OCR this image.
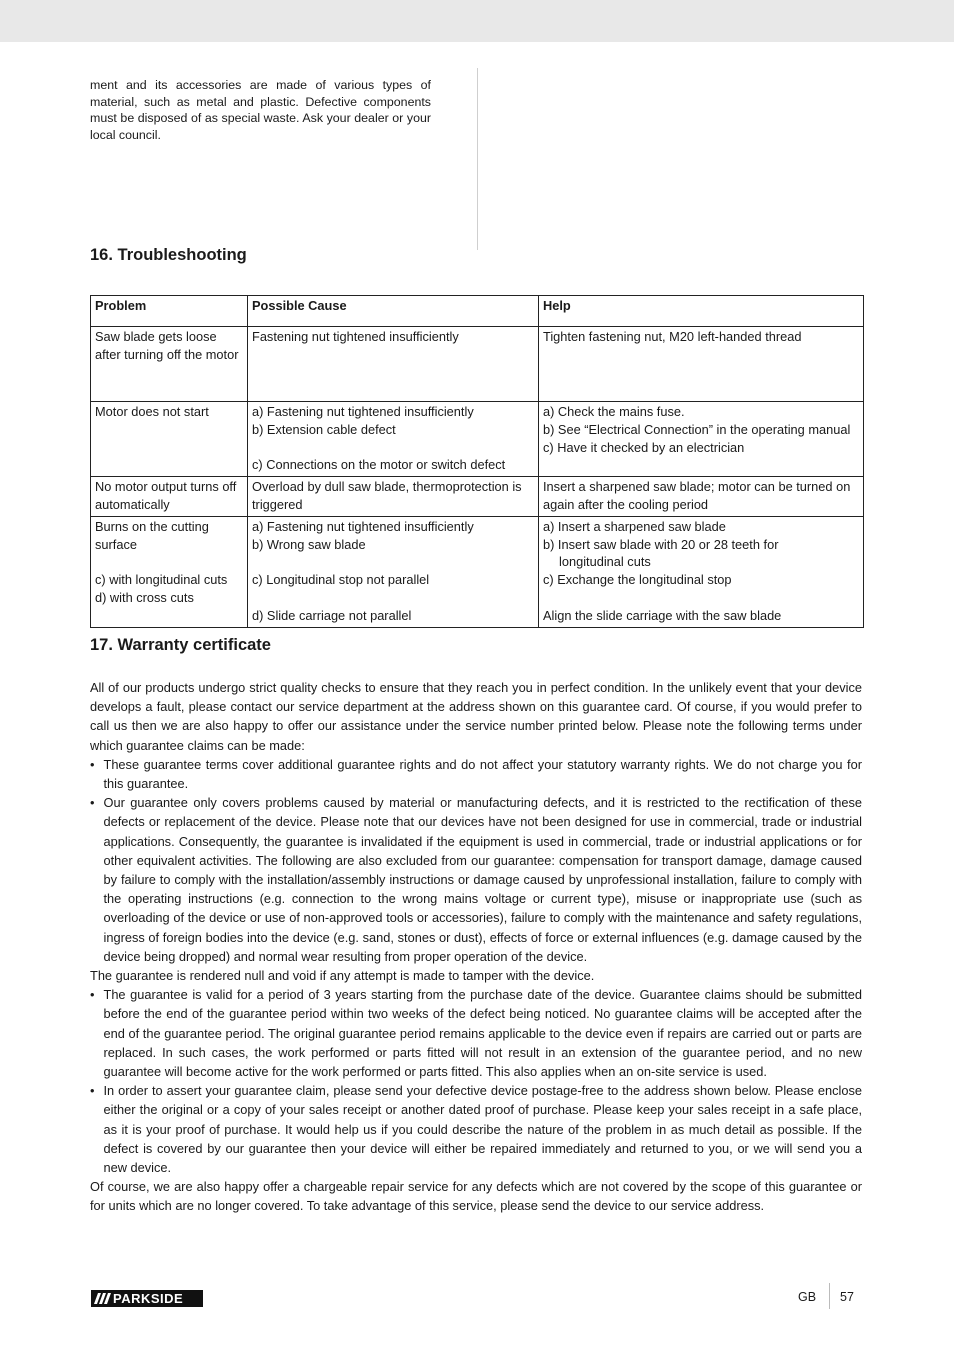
ment and its accessories are made of various types of material, such as metal and plastic. Defective components must be disposed of as special waste. Ask your dealer or your local council.

16. Troubleshooting
Problem	Possible Cause	Help

Saw blade gets loose after turning off the motor	Fastening nut tightened insufficiently	Tighten fastening nut, M20 left-handed thread

Motor does not start	a) Fastening nut tightened insufficiently
b) Extension cable defect
c) Connections on the motor or switch defect	a) Check the mains fuse.
b) See “Electrical Connection” in the operating manual
c) Have it checked by an electrician

No motor output turns off automatically	Overload by dull saw blade, thermoprotection is triggered	Insert a sharpened saw blade; motor can be turned on again after the cooling period

Burns on the cutting surface
c) with longitudinal cuts
d) with cross cuts	a) Fastening nut tightened insufficiently
b) Wrong saw blade
c) Longitudinal stop not parallel
d) Slide carriage not parallel	a) Insert a sharpened saw blade
b) Insert saw blade with 20 or 28 teeth for
longitudinal cuts
c) Exchange the longitudinal stop
Align the slide carriage with the saw blade
17. Warranty certificate

All of our products undergo strict quality checks to ensure that they reach you in perfect condition. In the unlikely event that your device develops a fault, please contact our service department at the address shown on this guarantee card. Of course, if you would prefer to call us then we are also happy to offer our assistance under the service number printed below. Please note the following terms under which guarantee claims can be made:

• These guarantee terms cover additional guarantee rights and do not affect your statutory warranty rights. We do not charge you for this guarantee.
• Our guarantee only covers problems caused by material or manufacturing defects, and it is restricted to the rectification of these defects or replacement of the device. Please note that our devices have not been designed for use in commercial, trade or industrial applications. Consequently, the guarantee is invalidated if the equipment is used in commercial, trade or industrial applications or for other equivalent activities. The following are also excluded from our guarantee: compensation for transport damage, damage caused by failure to comply with the installation/assembly instructions or damage caused by unprofessional installation, failure to comply with the operating instructions (e.g. connection to the wrong mains voltage or current type), misuse or inappropriate use (such as overloading of the device or use of non-approved tools or accessories), failure to comply with the maintenance and safety regulations, ingress of foreign bodies into the device (e.g. sand, stones or dust), effects of force or external influences (e.g. damage caused by the device being dropped) and normal wear resulting from proper operation of the device.

The guarantee is rendered null and void if any attempt is made to tamper with the device.

• The guarantee is valid for a period of 3 years starting from the purchase date of the device. Guarantee claims should be submitted before the end of the guarantee period within two weeks of the defect being noticed. No guarantee claims will be accepted after the end of the guarantee period. The original guarantee period remains applicable to the device even if repairs are carried out or parts are replaced. In such cases, the work performed or parts fitted will not result in an extension of the guarantee period, and no new guarantee will become active for the work performed or parts fitted. This also applies when an on-site service is used.
• In order to assert your guarantee claim, please send your defective device postage-free to the address shown below. Please enclose either the original or a copy of your sales receipt or another dated proof of purchase. Please keep your sales receipt in a safe place, as it is your proof of purchase. It would help us if you could describe the nature of the problem in as much detail as possible. If the defect is covered by our guarantee then your device will either be repaired immediately and returned to you, or we will send you a new device.

Of course, we are also happy offer a chargeable repair service for any defects which are not covered by the scope of this guarantee or for units which are no longer covered. To take advantage of this service, please send the device to our service address.

PARKSIDE	GB 57
